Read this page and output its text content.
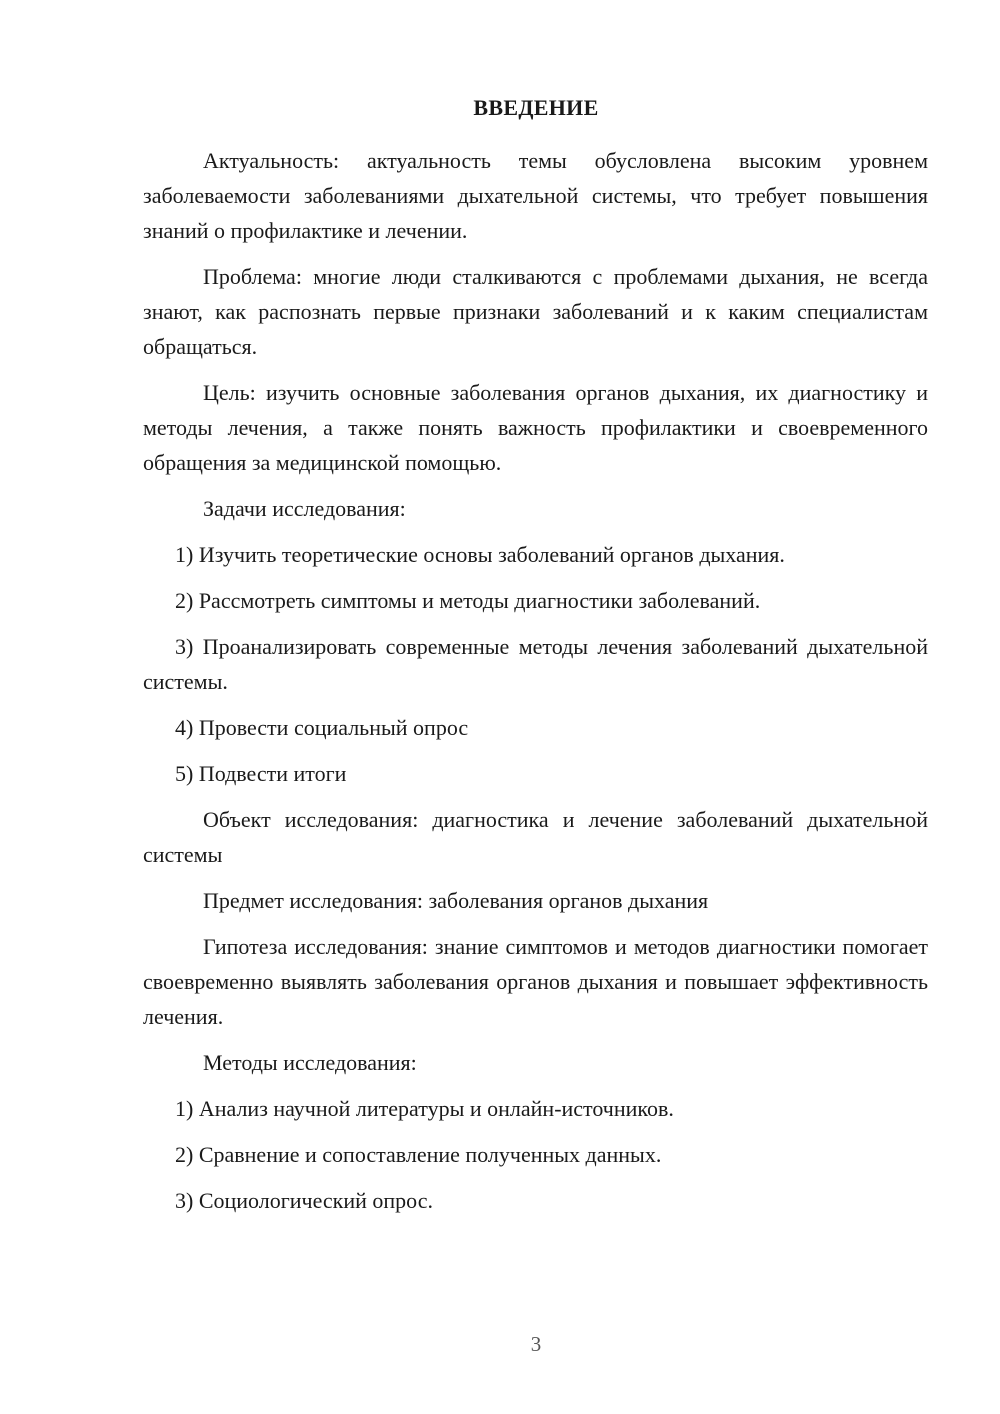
ВВЕДЕНИЕ

Актуальность: актуальность темы обусловлена высоким уровнем заболеваемости заболеваниями дыхательной системы, что требует повышения знаний о профилактике и лечении.

Проблема: многие люди сталкиваются с проблемами дыхания, не всегда знают, как распознать первые признаки заболеваний и к каким специалистам обращаться.

Цель: изучить основные заболевания органов дыхания, их диагностику и методы лечения, а также понять важность профилактики и своевременного обращения за медицинской помощью.

Задачи исследования:

1) Изучить теоретические основы заболеваний органов дыхания.

2) Рассмотреть симптомы и методы диагностики заболеваний.

3) Проанализировать современные методы лечения заболеваний дыхательной системы.

4) Провести социальный опрос

5) Подвести итоги

Объект исследования: диагностика и лечение заболеваний дыхательной системы

Предмет исследования: заболевания органов дыхания

Гипотеза исследования: знание симптомов и методов диагностики помогает своевременно выявлять заболевания органов дыхания и повышает эффективность лечения.

Методы исследования:

1) Анализ научной литературы и онлайн-источников.

2) Сравнение и сопоставление полученных данных.

3) Социологический опрос.

3
